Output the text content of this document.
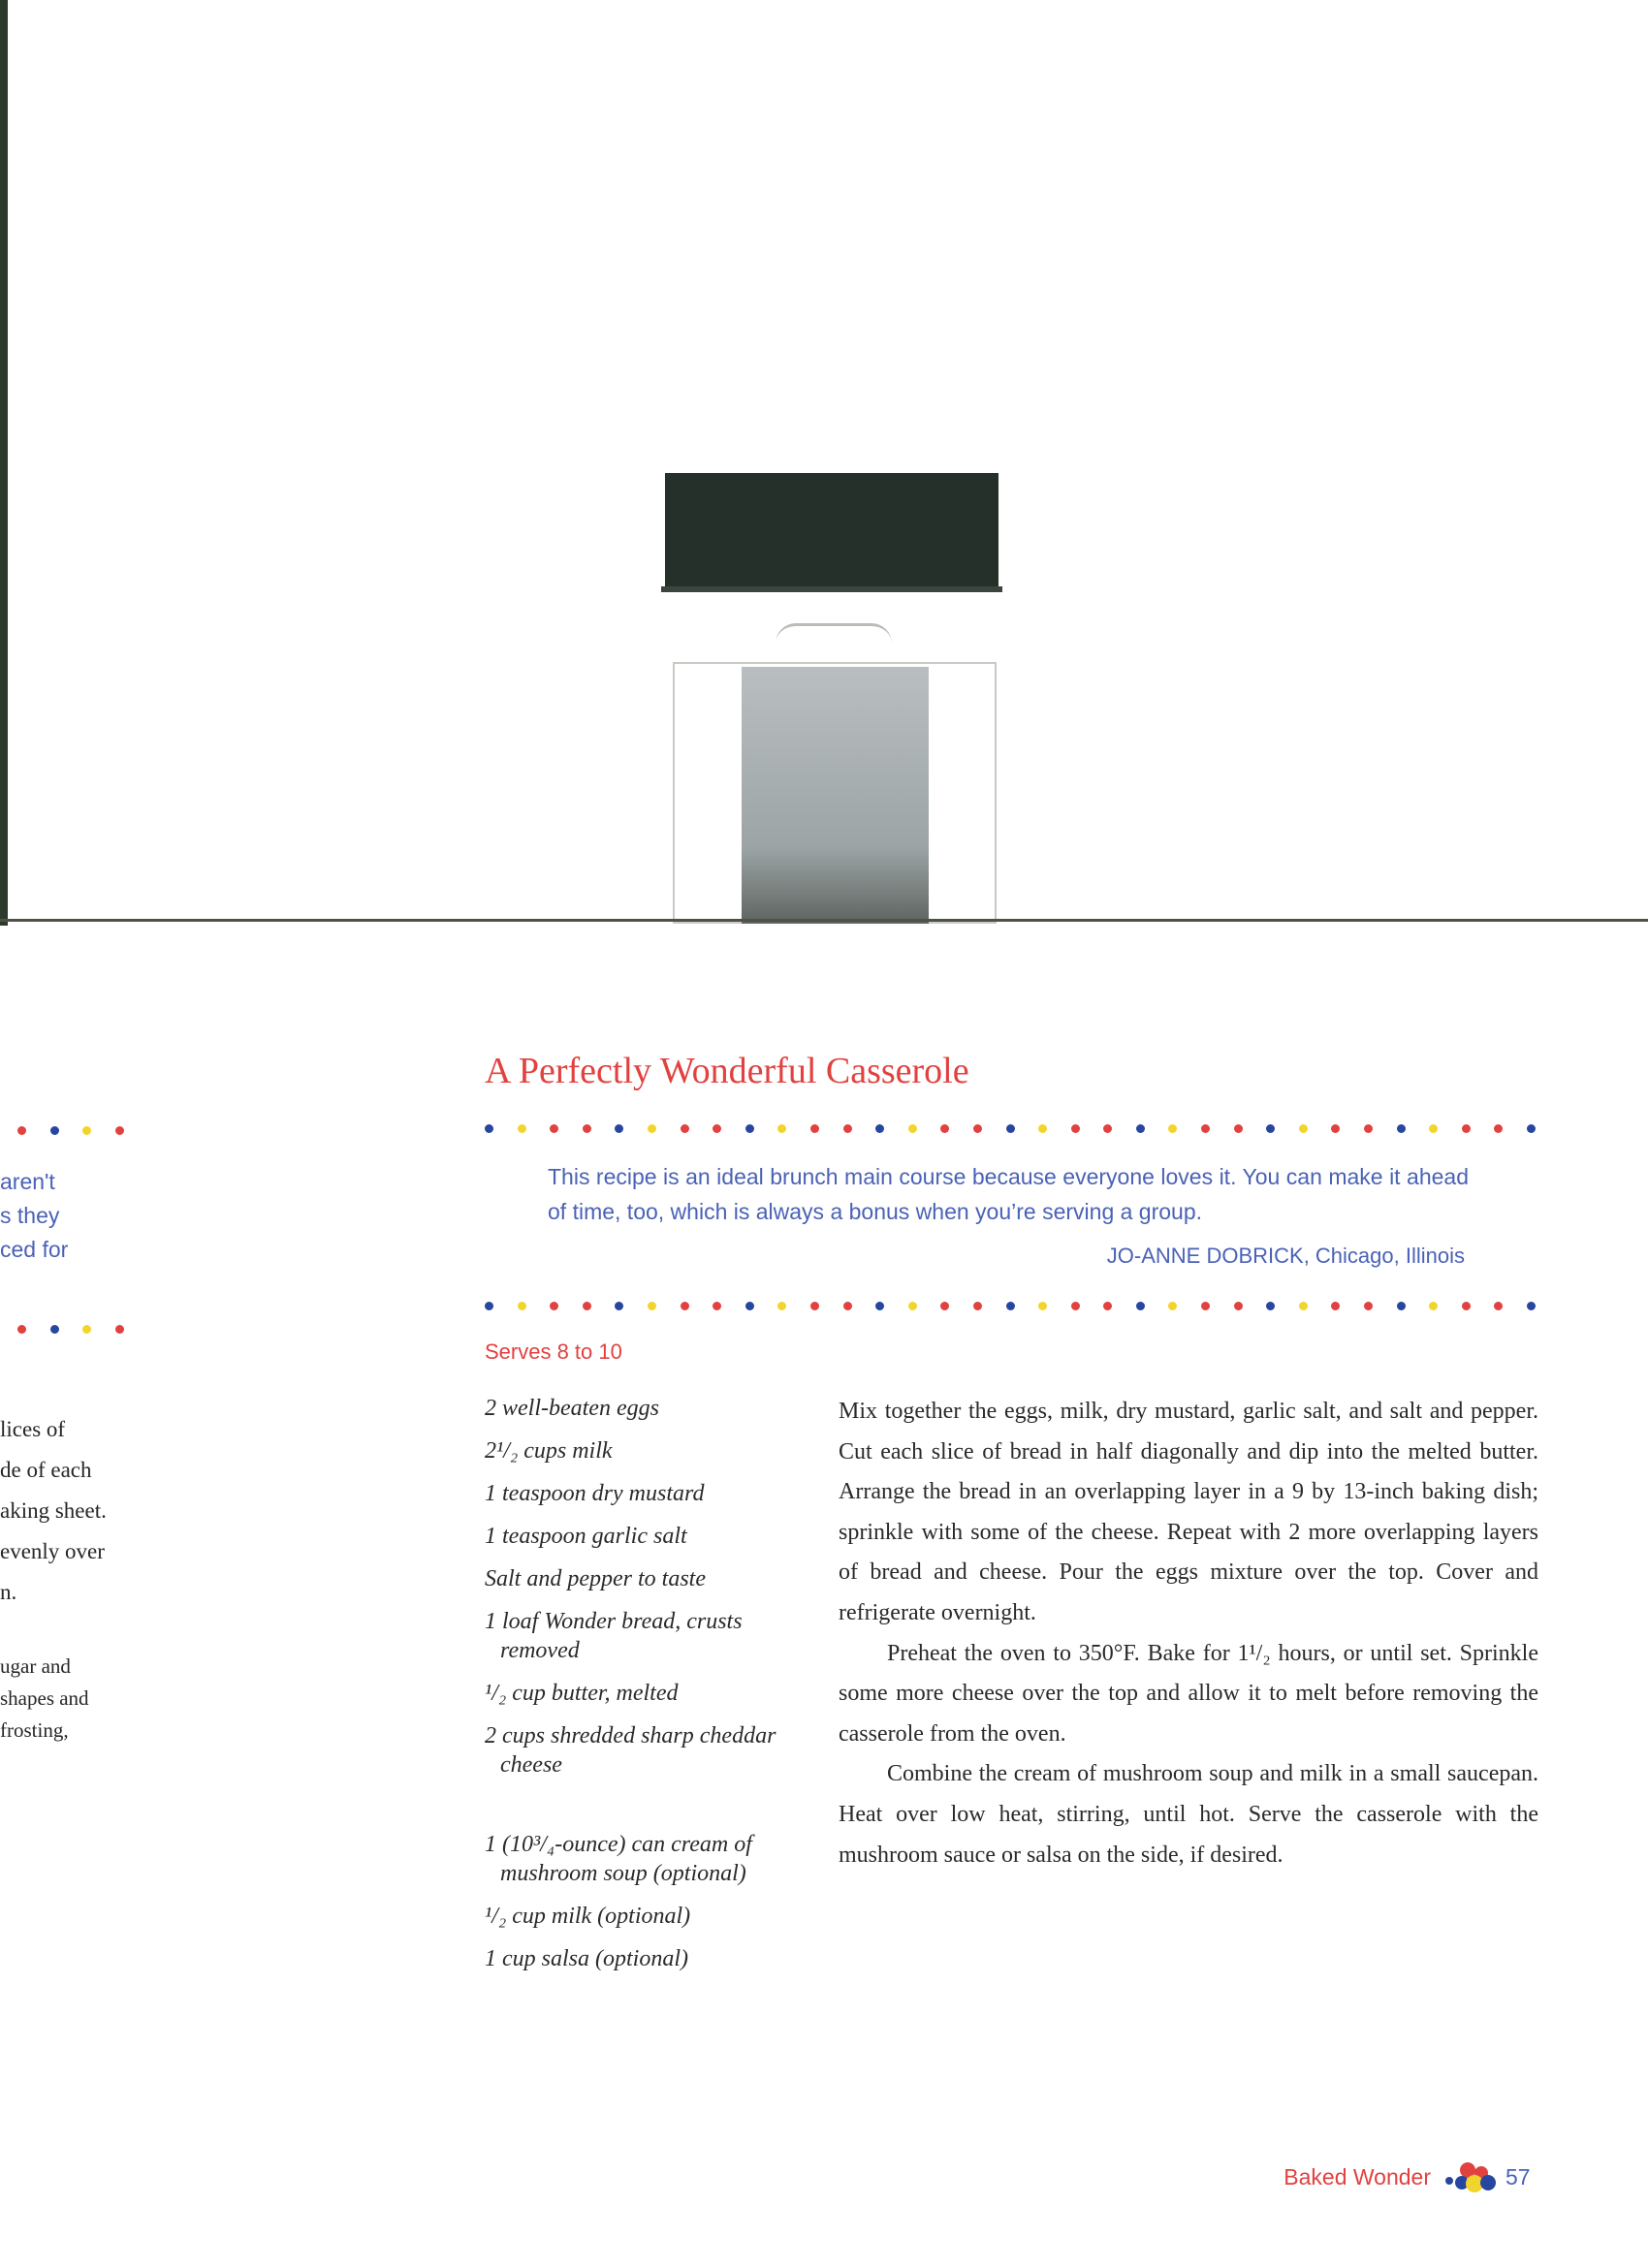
aren't
s they
ced for
lices of
de of each
aking sheet.
evenly over
n.
ugar and
shapes and
frosting,
A Perfectly Wonderful Casserole

This recipe is an ideal brunch main course because everyone loves it. You can make it ahead of time, too, which is always a bonus when you’re serving a group.

JO-ANNE DOBRICK, Chicago, Illinois
Serves 8 to 10
2 well-beaten eggs
2¹/₂ cups milk
1 teaspoon dry mustard
1 teaspoon garlic salt
Salt and pepper to taste
1 loaf Wonder bread, crusts removed
¹/₂ cup butter, melted
2 cups shredded sharp cheddar cheese
1 (10³/₄-ounce) can cream of mushroom soup (optional)
¹/₂ cup milk (optional)
1 cup salsa (optional)

Mix together the eggs, milk, dry mustard, garlic salt, and salt and pepper. Cut each slice of bread in half diagonally and dip into the melted butter. Arrange the bread in an overlapping layer in a 9 by 13-inch baking dish; sprinkle with some of the cheese. Repeat with 2 more overlapping layers of bread and cheese. Pour the eggs mixture over the top. Cover and refrigerate overnight.

Preheat the oven to 350°F. Bake for 1¹/₂ hours, or until set. Sprinkle some more cheese over the top and allow it to melt before removing the casserole from the oven.

Combine the cream of mushroom soup and milk in a small saucepan. Heat over low heat, stirring, until hot. Serve the casserole with the mushroom sauce or salsa on the side, if desired.

Baked Wonder	57
